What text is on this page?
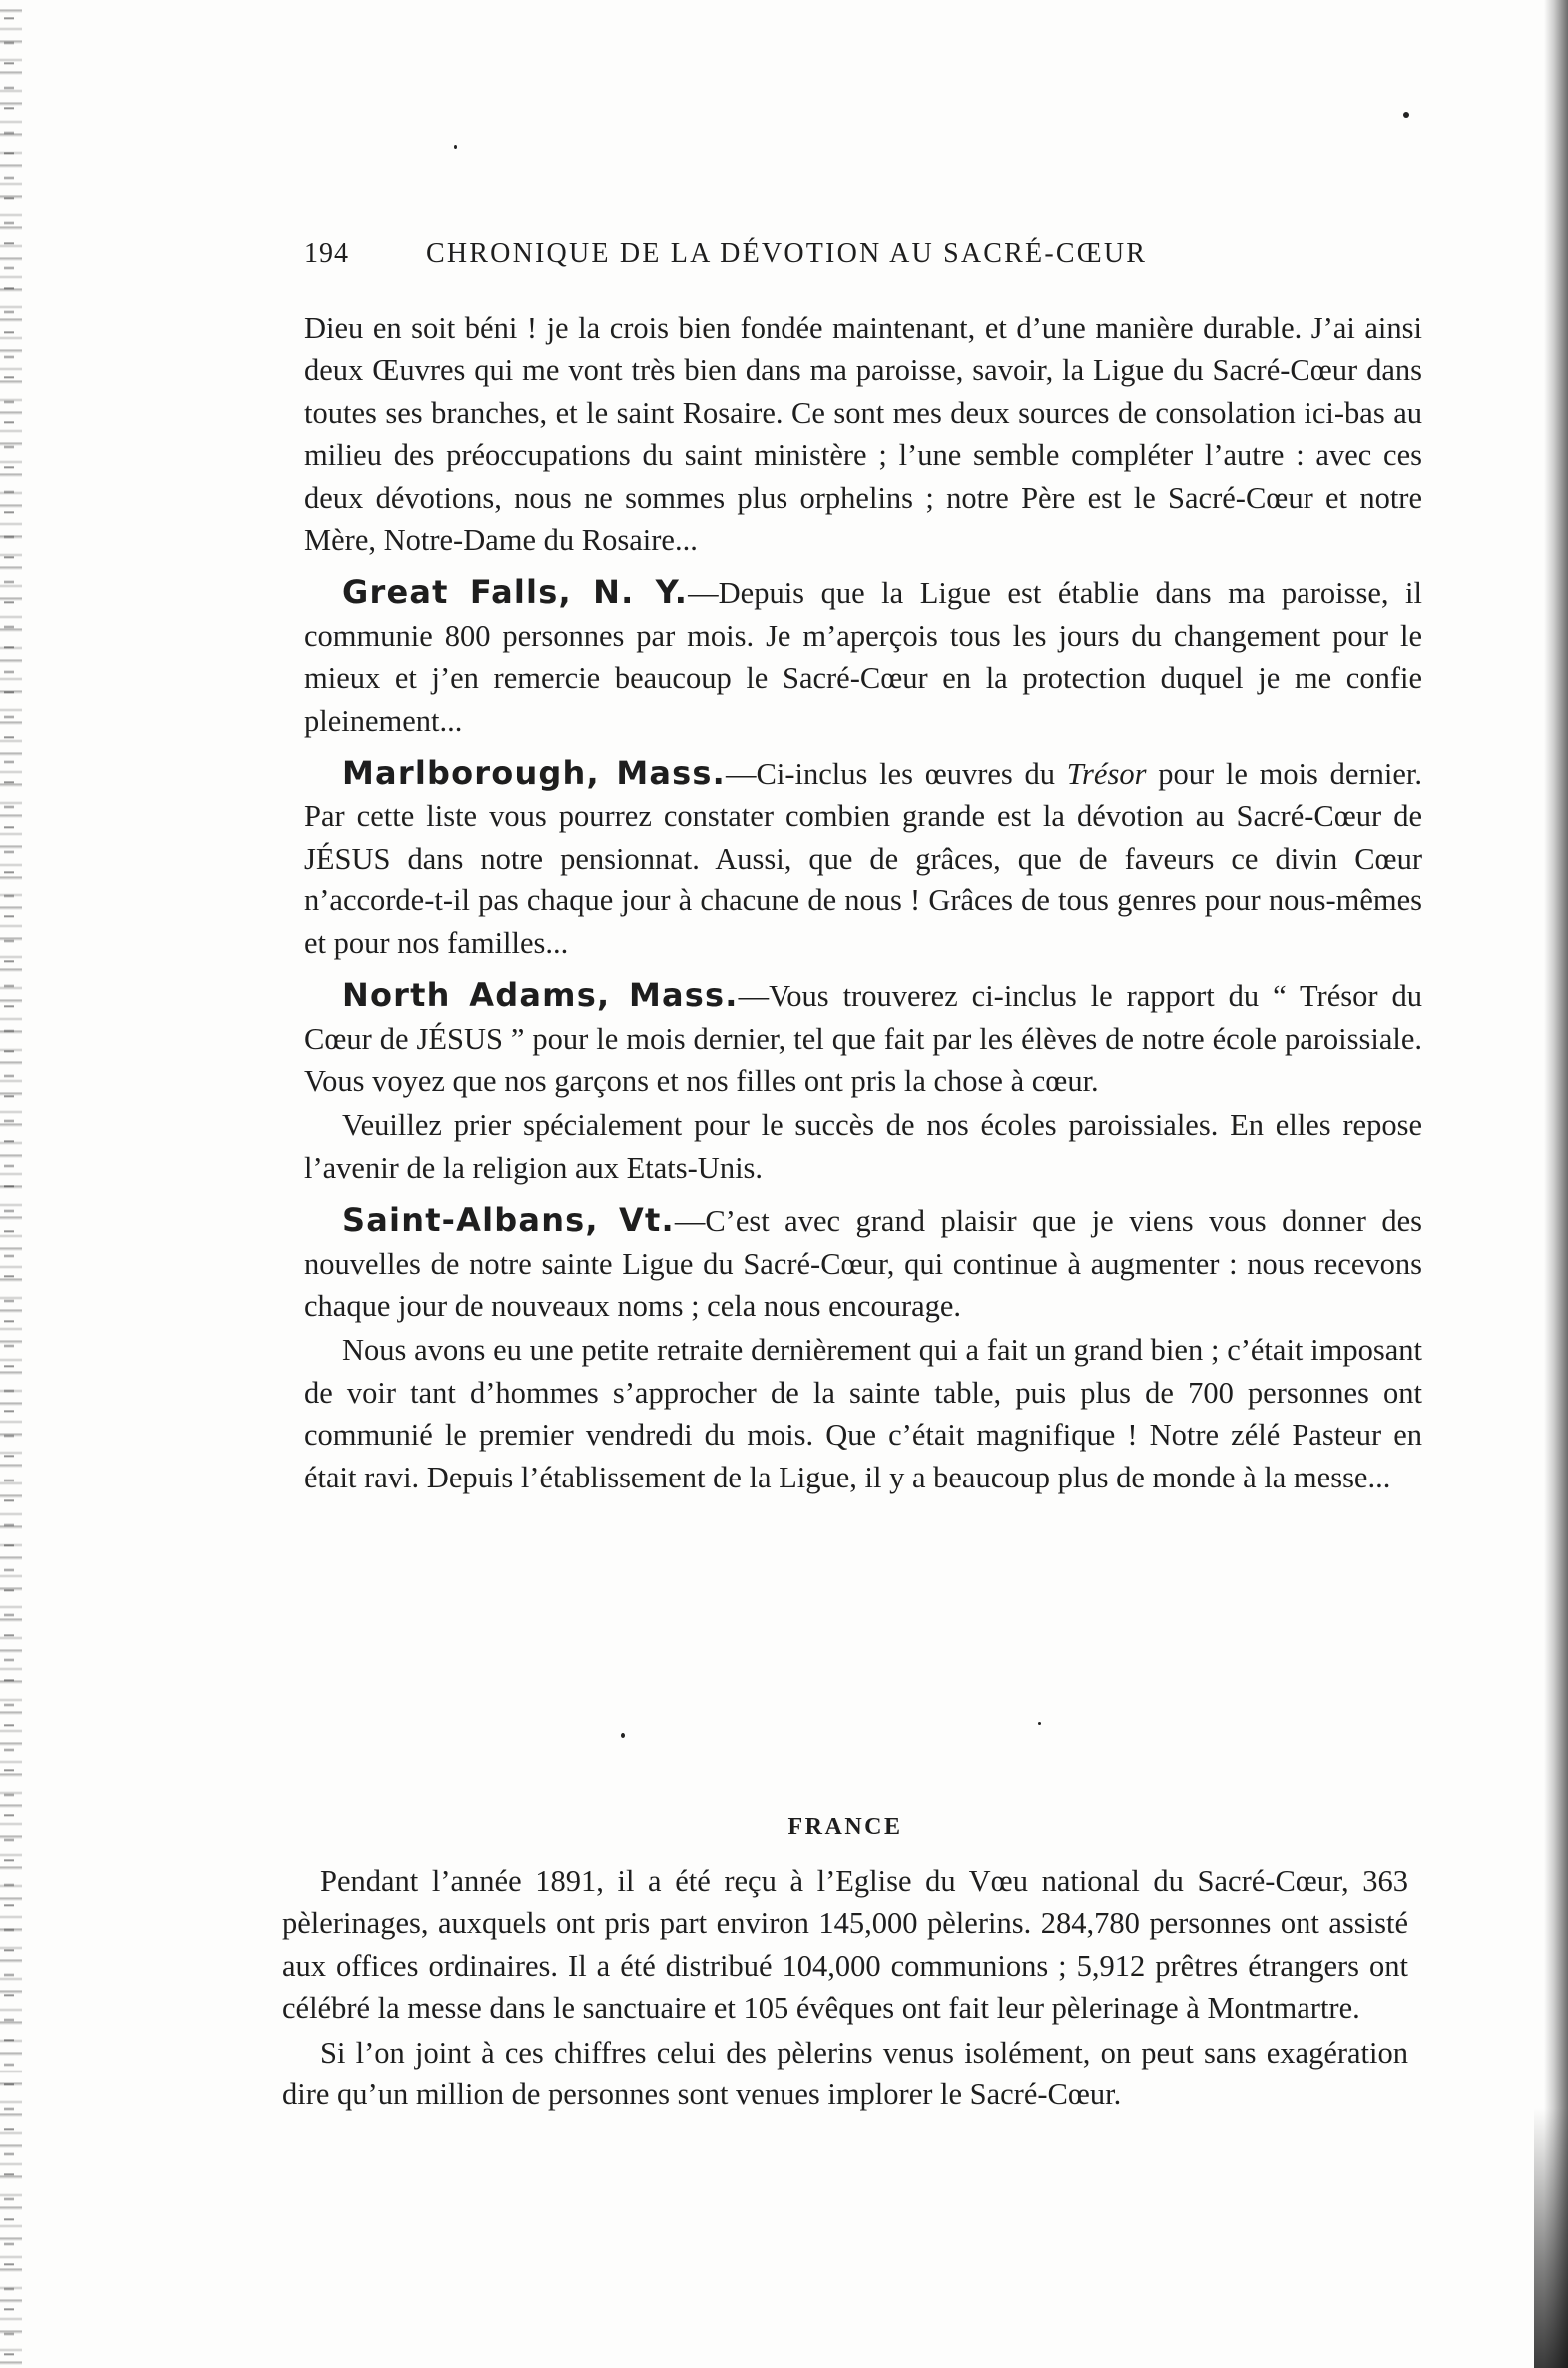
194	CHRONIQUE DE LA DÉVOTION AU SACRÉ-CŒUR

Dieu en soit béni ! je la crois bien fondée maintenant, et d’une manière durable. J’ai ainsi deux Œuvres qui me vont très bien dans ma paroisse, savoir, la Ligue du Sacré-Cœur dans toutes ses branches, et le saint Rosaire. Ce sont mes deux sources de consolation ici-bas au milieu des préoccupations du saint ministère ; l’une semble compléter l’autre : avec ces deux dévotions, nous ne sommes plus orphelins ; notre Père est le Sacré-Cœur et notre Mère, Notre-Dame du Rosaire...

Great Falls, N. Y.—Depuis que la Ligue est établie dans ma paroisse, il communie 800 personnes par mois. Je m’aperçois tous les jours du changement pour le mieux et j’en remercie beaucoup le Sacré-Cœur en la protection duquel je me confie pleinement...

Marlborough, Mass.—Ci-inclus les œuvres du Trésor pour le mois dernier. Par cette liste vous pourrez constater combien grande est la dévotion au Sacré-Cœur de JÉSUS dans notre pensionnat. Aussi, que de grâces, que de faveurs ce divin Cœur n’accorde-t-il pas chaque jour à chacune de nous ! Grâces de tous genres pour nous-mêmes et pour nos familles...

North Adams, Mass.—Vous trouverez ci-inclus le rapport du “ Trésor du Cœur de JÉSUS ” pour le mois dernier, tel que fait par les élèves de notre école paroissiale. Vous voyez que nos garçons et nos filles ont pris la chose à cœur.

Veuillez prier spécialement pour le succès de nos écoles paroissiales. En elles repose l’avenir de la religion aux Etats-Unis.

Saint-Albans, Vt.—C’est avec grand plaisir que je viens vous donner des nouvelles de notre sainte Ligue du Sacré-Cœur, qui continue à augmenter : nous recevons chaque jour de nouveaux noms ; cela nous encourage.

Nous avons eu une petite retraite dernièrement qui a fait un grand bien ; c’était imposant de voir tant d’hommes s’approcher de la sainte table, puis plus de 700 personnes ont communié le premier vendredi du mois. Que c’était magnifique ! Notre zélé Pasteur en était ravi. Depuis l’établissement de la Ligue, il y a beaucoup plus de monde à la messe...

FRANCE

Pendant l’année 1891, il a été reçu à l’Eglise du Vœu national du Sacré-Cœur, 363 pèlerinages, auxquels ont pris part environ 145,000 pèlerins. 284,780 personnes ont assisté aux offices ordinaires. Il a été distribué 104,000 communions ; 5,912 prêtres étrangers ont célébré la messe dans le sanctuaire et 105 évêques ont fait leur pèlerinage à Montmartre.

Si l’on joint à ces chiffres celui des pèlerins venus isolément, on peut sans exagération dire qu’un million de personnes sont venues implorer le Sacré-Cœur.
